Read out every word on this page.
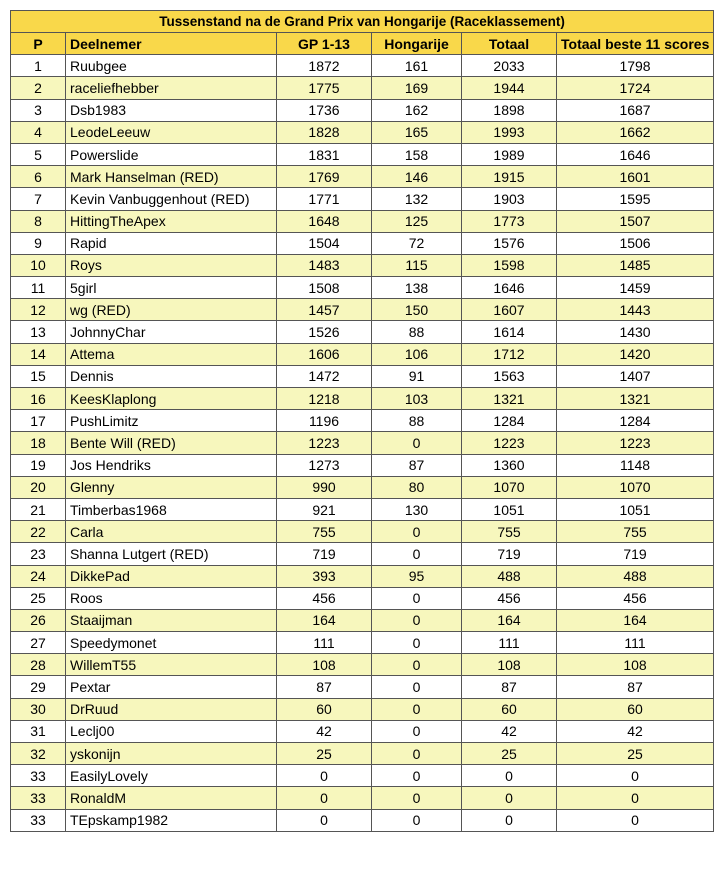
Tussenstand na de Grand Prix van Hongarije (Raceklassement)					
P	Deelnemer	GP 1-13	Hongarije	Totaal	Totaal beste 11 scores
1	Ruubgee	1872	161	2033	1798
2	raceliefhebber	1775	169	1944	1724
3	Dsb1983	1736	162	1898	1687
4	LeodeLeeuw	1828	165	1993	1662
5	Powerslide	1831	158	1989	1646
6	Mark Hanselman (RED)	1769	146	1915	1601
7	Kevin Vanbuggenhout (RED)	1771	132	1903	1595
8	HittingTheApex	1648	125	1773	1507
9	Rapid	1504	72	1576	1506
10	Roys	1483	115	1598	1485
11	5girl	1508	138	1646	1459
12	wg (RED)	1457	150	1607	1443
13	JohnnyChar	1526	88	1614	1430
14	Attema	1606	106	1712	1420
15	Dennis	1472	91	1563	1407
16	KeesKlaplong	1218	103	1321	1321
17	PushLimitz	1196	88	1284	1284
18	Bente Will (RED)	1223	0	1223	1223
19	Jos Hendriks	1273	87	1360	1148
20	Glenny	990	80	1070	1070
21	Timberbas1968	921	130	1051	1051
22	Carla	755	0	755	755
23	Shanna Lutgert (RED)	719	0	719	719
24	DikkePad	393	95	488	488
25	Roos	456	0	456	456
26	Staaijman	164	0	164	164
27	Speedymonet	111	0	111	111
28	WillemT55	108	0	108	108
29	Pextar	87	0	87	87
30	DrRuud	60	0	60	60
31	Leclj00	42	0	42	42
32	yskonijn	25	0	25	25
33	EasilyLovely	0	0	0	0
33	RonaldM	0	0	0	0
33	TEpskamp1982	0	0	0	0
